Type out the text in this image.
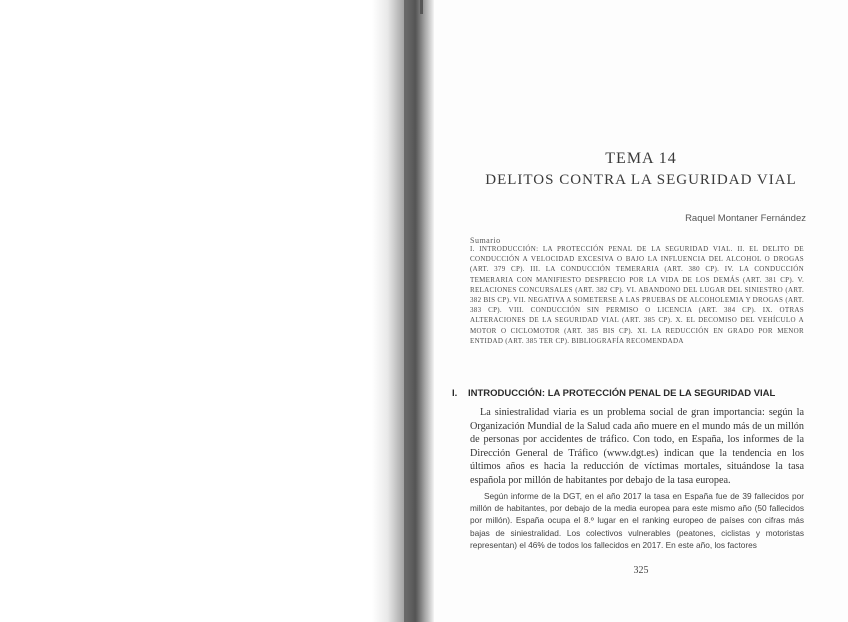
TEMA 14
DELITOS CONTRA LA SEGURIDAD VIAL
Raquel Montaner Fernández
Sumario
I. INTRODUCCIÓN: LA PROTECCIÓN PENAL DE LA SEGURIDAD VIAL. II. EL DELITO DE CONDUCCIÓN A VELOCIDAD EXCESIVA O BAJO LA INFLUENCIA DEL ALCOHOL O DROGAS (ART. 379 CP). III. LA CONDUCCIÓN TEMERARIA (ART. 380 CP). IV. LA CONDUCCIÓN TEMERARIA CON MANIFIESTO DESPRECIO POR LA VIDA DE LOS DEMÁS (ART. 381 CP). V. RELACIONES CONCURSALES (ART. 382 CP). VI. ABANDONO DEL LUGAR DEL SINIESTRO (ART. 382 BIS CP). VII. NEGATIVA A SOMETERSE A LAS PRUEBAS DE ALCOHOLEMIA Y DROGAS (ART. 383 CP). VIII. CONDUCCIÓN SIN PERMISO O LICENCIA (ART. 384 CP). IX. OTRAS ALTERACIONES DE LA SEGURIDAD VIAL (ART. 385 CP). X. EL DECOMISO DEL VEHÍCULO A MOTOR O CICLOMOTOR (ART. 385 BIS CP). XI. LA REDUCCIÓN EN GRADO POR MENOR ENTIDAD (ART. 385 TER CP). BIBLIOGRAFÍA RECOMENDADA
I. INTRODUCCIÓN: LA PROTECCIÓN PENAL DE LA SEGURIDAD VIAL
La siniestralidad viaria es un problema social de gran importancia: según la Organización Mundial de la Salud cada año muere en el mundo más de un millón de personas por accidentes de tráfico. Con todo, en España, los informes de la Dirección General de Tráfico (www.dgt.es) indican que la tendencia en los últimos años es hacia la reducción de víctimas mortales, situándose la tasa española por millón de habitantes por debajo de la tasa europea.
Según informe de la DGT, en el año 2017 la tasa en España fue de 39 fallecidos por millón de habitantes, por debajo de la media europea para este mismo año (50 fallecidos por millón). España ocupa el 8.º lugar en el ranking europeo de países con cifras más bajas de siniestralidad. Los colectivos vulnerables (peatones, ciclistas y motoristas representan) el 46% de todos los fallecidos en 2017. En este año, los factores
325
